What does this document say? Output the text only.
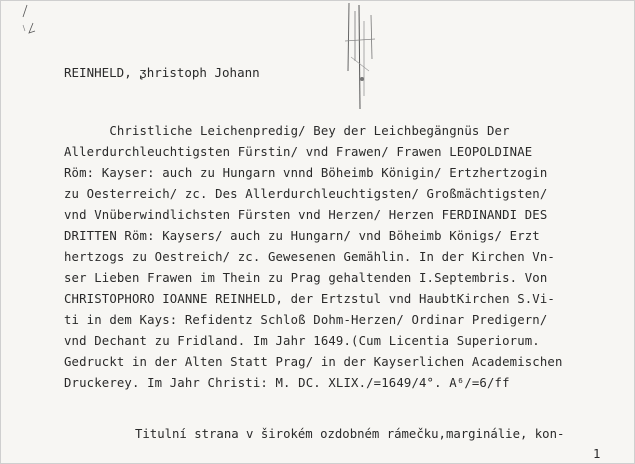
REINHELD, ᶚhristoph Johann
Christliche Leichenpredig/ Bey der Leichbegängnüs Der
Allerdurchleuchtigsten Fürstin/ vnd Frawen/ Frawen LEOPOLDINAE
Röm: Kayser: auch zu Hungarn vnnd Böheimb Königin/ Ertzhertzogin
zu Oesterreich/ zc. Des Allerdurchleuchtigsten/ Großmächtigsten/
vnd Vnüberwindlichsten Fürsten vnd Herzen/ Herzen FERDINANDI DES
DRITTEN Röm: Kaysers/ auch zu Hungarn/ vnd Böheimb Königs/ Erzt
hertzogs zu Oestreich/ zc. Gewesenen Gemählin. In der Kirchen Vn-
ser Lieben Frawen im Thein zu Prag gehaltenden I.Septembris. Von
CHRISTOPHORO IOANNE REINHELD, der Ertzstul vnd HaubtKirchen S.Vi-
ti in dem Kays: Refidentz Schloß Dohm-Herzen/ Ordinar Predigern/
vnd Dechant zu Fridland. Im Jahr 1649.(Cum Licentia Superiorum.
Gedruckt in der Alten Statt Prag/ in der Kayserlichen Academischen
Druckerey. Im Jahr Christi: M. DC. XLIX./=1649/4°. A⁶/=6/ff
Titulní strana v širokém ozdobném rámečku,marginálie, kon-
1
